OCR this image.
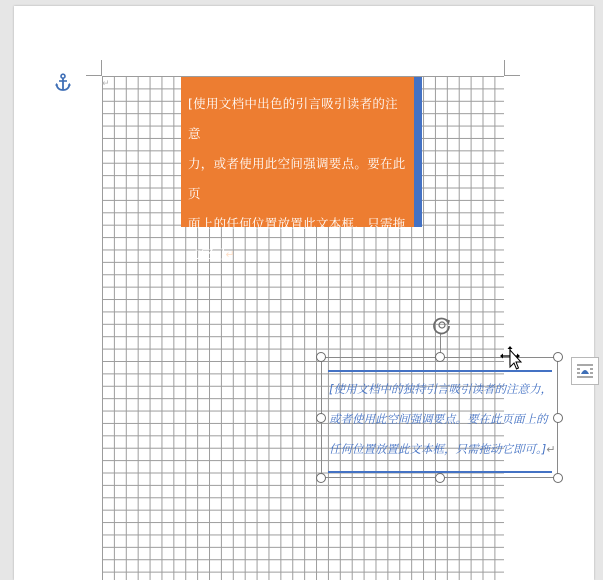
↵
[使用文档中出色的引言吸引读者的注意
力，或者使用此空间强调要点。要在此页
面上的任何位置放置此文本框，只需拖
动它。]↵
[使用文档中的独特引言吸引读者的注意力，
或者使用此空间强调要点。要在此页面上的
任何位置放置此文本框，只需拖动它即可。]↵
